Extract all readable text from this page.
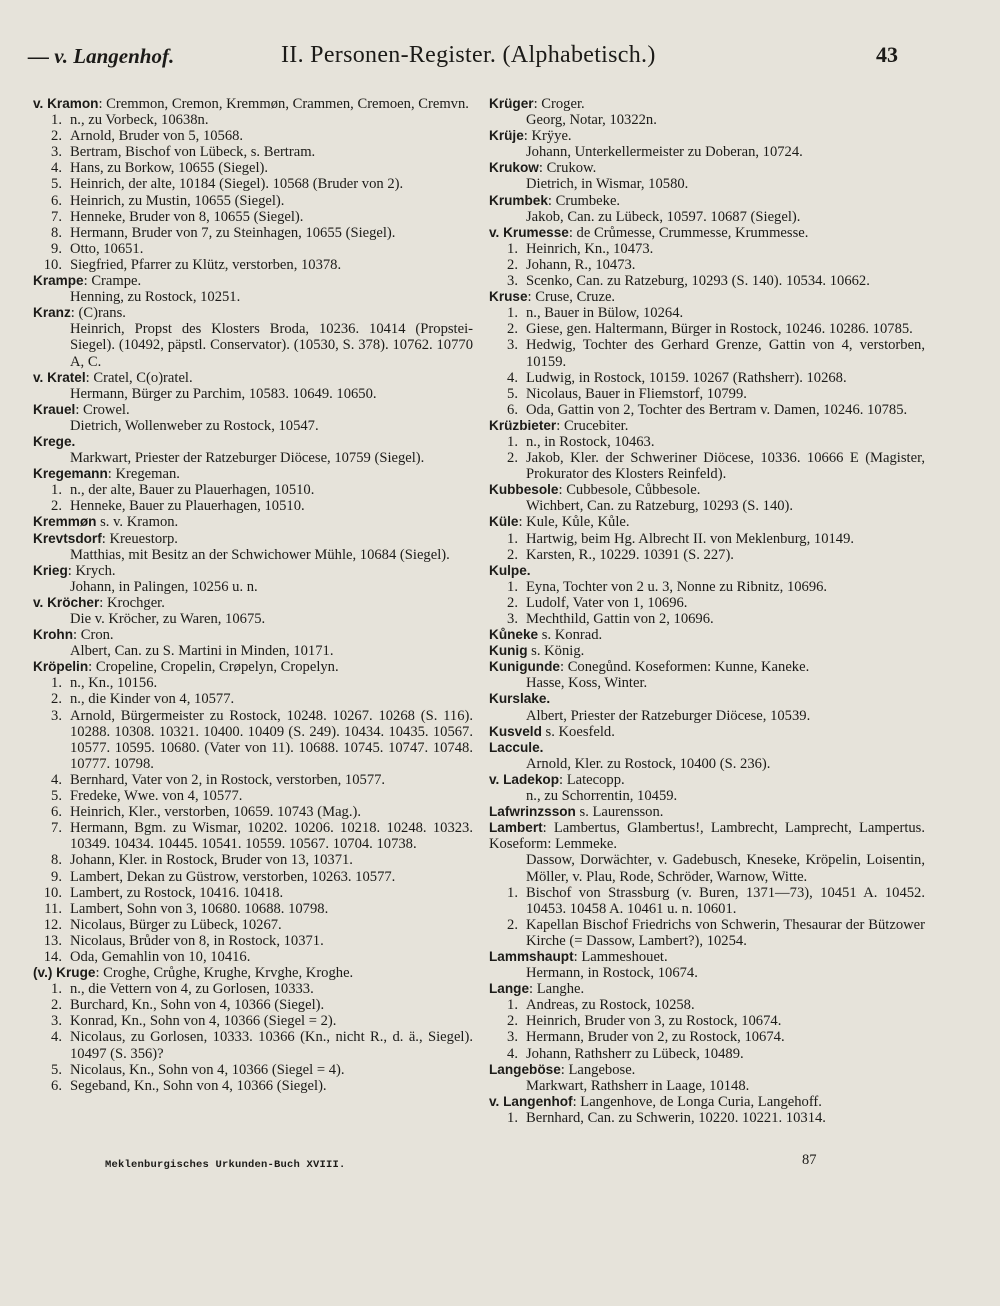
— v. Langenhof.	II. Personen-Register. (Alphabetisch.)	43
v. Kramon: Cremmon, Cremon, Kremmøn, Crammen, Cremoen, Cremvn.
1. n., zu Vorbeck, 10638n.
2. Arnold, Bruder von 5, 10568.
3. Bertram, Bischof von Lübeck, s. Bertram.
4. Hans, zu Borkow, 10655 (Siegel).
5. Heinrich, der alte, 10184 (Siegel). 10568 (Bruder von 2).
6. Heinrich, zu Mustin, 10655 (Siegel).
7. Henneke, Bruder von 8, 10655 (Siegel).
8. Hermann, Bruder von 7, zu Steinhagen, 10655 (Siegel).
9. Otto, 10651.
10. Siegfried, Pfarrer zu Klütz, verstorben, 10378.
Krampe: Crampe.
Henning, zu Rostock, 10251.
Kranz: (C)rans.
Heinrich, Propst des Klosters Broda, 10236. 10414 (Propstei-Siegel). (10492, päpstl. Conservator). (10530, S. 378). 10762. 10770 A, C.
v. Kratel: Cratel, C(o)ratel.
Hermann, Bürger zu Parchim, 10583. 10649. 10650.
Krauel: Crowel.
Dietrich, Wollenweber zu Rostock, 10547.
Krege.
Markwart, Priester der Ratzeburger Diöcese, 10759 (Siegel).
Kregemann: Kregeman.
1. n., der alte, Bauer zu Plauerhagen, 10510.
2. Henneke, Bauer zu Plauerhagen, 10510.
Kremmøn s. v. Kramon.
Krevtsdorf: Kreuestorp.
Matthias, mit Besitz an der Schwichower Mühle, 10684 (Siegel).
Krieg: Krych.
Johann, in Palingen, 10256 u. n.
v. Kröcher: Krochger.
Die v. Kröcher, zu Waren, 10675.
Krohn: Cron.
Albert, Can. zu S. Martini in Minden, 10171.
Kröpelin: Cropeline, Cropelin, Crøpelyn, Cropelyn.
1. n., Kn., 10156.
2. n., die Kinder von 4, 10577.
3. Arnold, Bürgermeister zu Rostock, 10248. 10267. 10268 (S. 116). 10288. 10308. 10321. 10400. 10409 (S. 249). 10434. 10435. 10567. 10577. 10595. 10680. (Vater von 11). 10688. 10745. 10747. 10748. 10777. 10798.
4. Bernhard, Vater von 2, in Rostock, verstorben, 10577.
5. Fredeke, Wwe. von 4, 10577.
6. Heinrich, Kler., verstorben, 10659. 10743 (Mag.).
7. Hermann, Bgm. zu Wismar, 10202. 10206. 10218. 10248. 10323. 10349. 10434. 10445. 10541. 10559. 10567. 10704. 10738.
8. Johann, Kler. in Rostock, Bruder von 13, 10371.
9. Lambert, Dekan zu Güstrow, verstorben, 10263. 10577.
10. Lambert, zu Rostock, 10416. 10418.
11. Lambert, Sohn von 3, 10680. 10688. 10798.
12. Nicolaus, Bürger zu Lübeck, 10267.
13. Nicolaus, Brůder von 8, in Rostock, 10371.
14. Oda, Gemahlin von 10, 10416.
(v.) Kruge: Croghe, Crůghe, Krughe, Krvghe, Kroghe.
1. n., die Vettern von 4, zu Gorlosen, 10333.
2. Burchard, Kn., Sohn von 4, 10366 (Siegel).
3. Konrad, Kn., Sohn von 4, 10366 (Siegel = 2).
4. Nicolaus, zu Gorlosen, 10333. 10366 (Kn., nicht R., d. ä., Siegel). 10497 (S. 356)?
5. Nicolaus, Kn., Sohn von 4, 10366 (Siegel = 4).
6. Segeband, Kn., Sohn von 4, 10366 (Siegel).
Krüger: Croger.
Georg, Notar, 10322n.
Krüje: Krÿye.
Johann, Unterkellermeister zu Doberan, 10724.
Krukow: Crukow.
Dietrich, in Wismar, 10580.
Krumbek: Crumbeke.
Jakob, Can. zu Lübeck, 10597. 10687 (Siegel).
v. Krumesse: de Crůmesse, Crummesse, Krummesse.
1. Heinrich, Kn., 10473.
2. Johann, R., 10473.
3. Scenko, Can. zu Ratzeburg, 10293 (S. 140). 10534. 10662.
Kruse: Cruse, Cruze.
1. n., Bauer in Bülow, 10264.
2. Giese, gen. Haltermann, Bürger in Rostock, 10246. 10286. 10785.
3. Hedwig, Tochter des Gerhard Grenze, Gattin von 4, verstorben, 10159.
4. Ludwig, in Rostock, 10159. 10267 (Rathsherr). 10268.
5. Nicolaus, Bauer in Fliemstorf, 10799.
6. Oda, Gattin von 2, Tochter des Bertram v. Damen, 10246. 10785.
Krüzbieter: Crucebiter.
1. n., in Rostock, 10463.
2. Jakob, Kler. der Schweriner Diöcese, 10336. 10666 E (Magister, Prokurator des Klosters Reinfeld).
Kubbesole: Cubbesole, Cůbbesole.
Wichbert, Can. zu Ratzeburg, 10293 (S. 140).
Küle: Kule, Kůle, Kůle.
1. Hartwig, beim Hg. Albrecht II. von Meklenburg, 10149.
2. Karsten, R., 10229. 10391 (S. 227).
Kulpe.
1. Eyna, Tochter von 2 u. 3, Nonne zu Ribnitz, 10696.
2. Ludolf, Vater von 1, 10696.
3. Mechthild, Gattin von 2, 10696.
Kůneke s. Konrad.
Kunig s. König.
Kunigunde: Conegůnd. Koseformen: Kunne, Kaneke.
Hasse, Koss, Winter.
Kurslake.
Albert, Priester der Ratzeburger Diöcese, 10539.
Kusveld s. Koesfeld.
Laccule.
Arnold, Kler. zu Rostock, 10400 (S. 236).
v. Ladekop: Latecopp.
n., zu Schorrentin, 10459.
Lafwrinzsson s. Laurensson.
Lambert: Lambertus, Glambertus!, Lambrecht, Lamprecht, Lampertus. Koseform: Lemmeke.
Dassow, Dorwächter, v. Gadebusch, Kneseke, Kröpelin, Loisentin, Möller, v. Plau, Rode, Schröder, Warnow, Witte.
1. Bischof von Strassburg (v. Buren, 1371—73), 10451 A. 10452. 10453. 10458 A. 10461 u. n. 10601.
2. Kapellan Bischof Friedrichs von Schwerin, Thesaurar der Bützower Kirche (= Dassow, Lambert?), 10254.
Lammshaupt: Lammeshouet.
Hermann, in Rostock, 10674.
Lange: Langhe.
1. Andreas, zu Rostock, 10258.
2. Heinrich, Bruder von 3, zu Rostock, 10674.
3. Hermann, Bruder von 2, zu Rostock, 10674.
4. Johann, Rathsherr zu Lübeck, 10489.
Langeböse: Langebose.
Markwart, Rathsherr in Laage, 10148.
v. Langenhof: Langenhove, de Longa Curia, Langehoff.
1. Bernhard, Can. zu Schwerin, 10220. 10221. 10314.
Meklenburgisches Urkunden-Buch XVIII.	87
